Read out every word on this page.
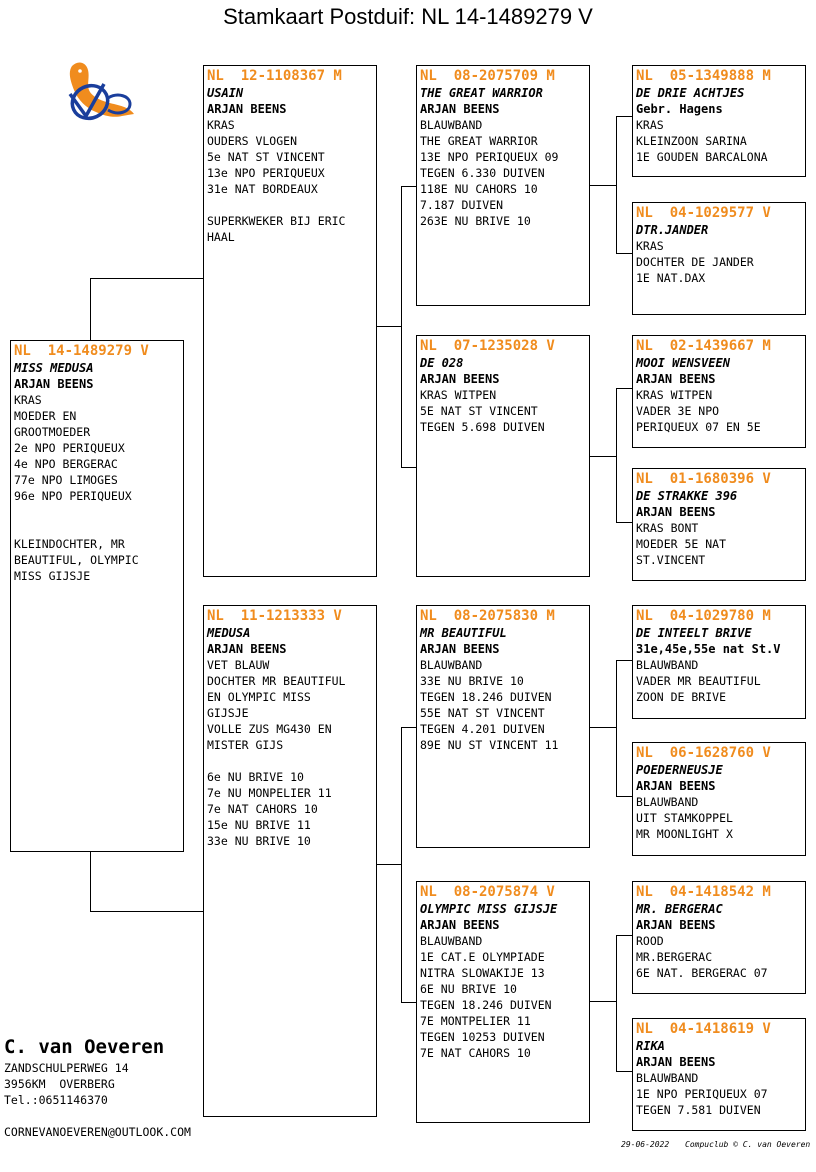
Stamkaart Postduif: NL 14-1489279 V
NL  14-1489279 V
MISS MEDUSA
ARJAN BEENS
KRAS
MOEDER EN
GROOTMOEDER
2e NPO PERIQUEUX
4e NPO BERGERAC
77e NPO LIMOGES
96e NPO PERIQUEUX
KLEINDOCHTER, MR
BEAUTIFUL, OLYMPIC
MISS GIJSJE
NL  12-1108367 M
USAIN
ARJAN BEENS
KRAS
OUDERS VLOGEN
5e NAT ST VINCENT
13e NPO PERIQUEUX
31e NAT BORDEAUX
SUPERKWEKER BIJ ERIC
HAAL
NL  11-1213333 V
MEDUSA
ARJAN BEENS
VET BLAUW
DOCHTER MR BEAUTIFUL
EN OLYMPIC MISS
GIJSJE
VOLLE ZUS MG430 EN
MISTER GIJS
6e NU BRIVE 10
7e NU MONPELIER 11
7e NAT CAHORS 10
15e NU BRIVE 11
33e NU BRIVE 10
NL  08-2075709 M
THE GREAT WARRIOR
ARJAN BEENS
BLAUWBAND
THE GREAT WARRIOR
13E NPO PERIQUEUX 09
TEGEN 6.330 DUIVEN
118E NU CAHORS 10
7.187 DUIVEN
263E NU BRIVE 10
NL  07-1235028 V
DE 028
ARJAN BEENS
KRAS WITPEN
5E NAT ST VINCENT
TEGEN 5.698 DUIVEN
NL  08-2075830 M
MR BEAUTIFUL
ARJAN BEENS
BLAUWBAND
33E NU BRIVE 10
TEGEN 18.246 DUIVEN
55E NAT ST VINCENT
TEGEN 4.201 DUIVEN
89E NU ST VINCENT 11
NL  08-2075874 V
OLYMPIC MISS GIJSJE
ARJAN BEENS
BLAUWBAND
1E CAT.E OLYMPIADE
NITRA SLOWAKIJE 13
6E NU BRIVE 10
TEGEN 18.246 DUIVEN
7E MONTPELIER 11
TEGEN 10253 DUIVEN
7E NAT CAHORS 10
NL  05-1349888 M
DE DRIE ACHTJES
Gebr. Hagens
KRAS
KLEINZOON SARINA
1E GOUDEN BARCALONA
NL  04-1029577 V
DTR.JANDER
KRAS
DOCHTER DE JANDER
1E NAT.DAX
NL  02-1439667 M
MOOI WENSVEEN
ARJAN BEENS
KRAS WITPEN
VADER 3E NPO
PERIQUEUX 07 EN 5E
NL  01-1680396 V
DE STRAKKE 396
ARJAN BEENS
KRAS BONT
MOEDER 5E NAT
ST.VINCENT
NL  04-1029780 M
DE INTEELT BRIVE
31e,45e,55e nat St.V
BLAUWBAND
VADER MR BEAUTIFUL
ZOON DE BRIVE
NL  06-1628760 V
POEDERNEUSJE
ARJAN BEENS
BLAUWBAND
UIT STAMKOPPEL
MR MOONLIGHT X
NL  04-1418542 M
MR. BERGERAC
ARJAN BEENS
ROOD
MR.BERGERAC
6E NAT. BERGERAC 07
NL  04-1418619 V
RIKA
ARJAN BEENS
BLAUWBAND
1E NPO PERIQUEUX 07
TEGEN 7.581 DUIVEN
C. van Oeveren
ZANDSCHULPERWEG 14
3956KM  OVERBERG
Tel.:0651146370
CORNEVANOEVEREN@OUTLOOK.COM
29-06-2022 Compuclub © C. van Oeveren
